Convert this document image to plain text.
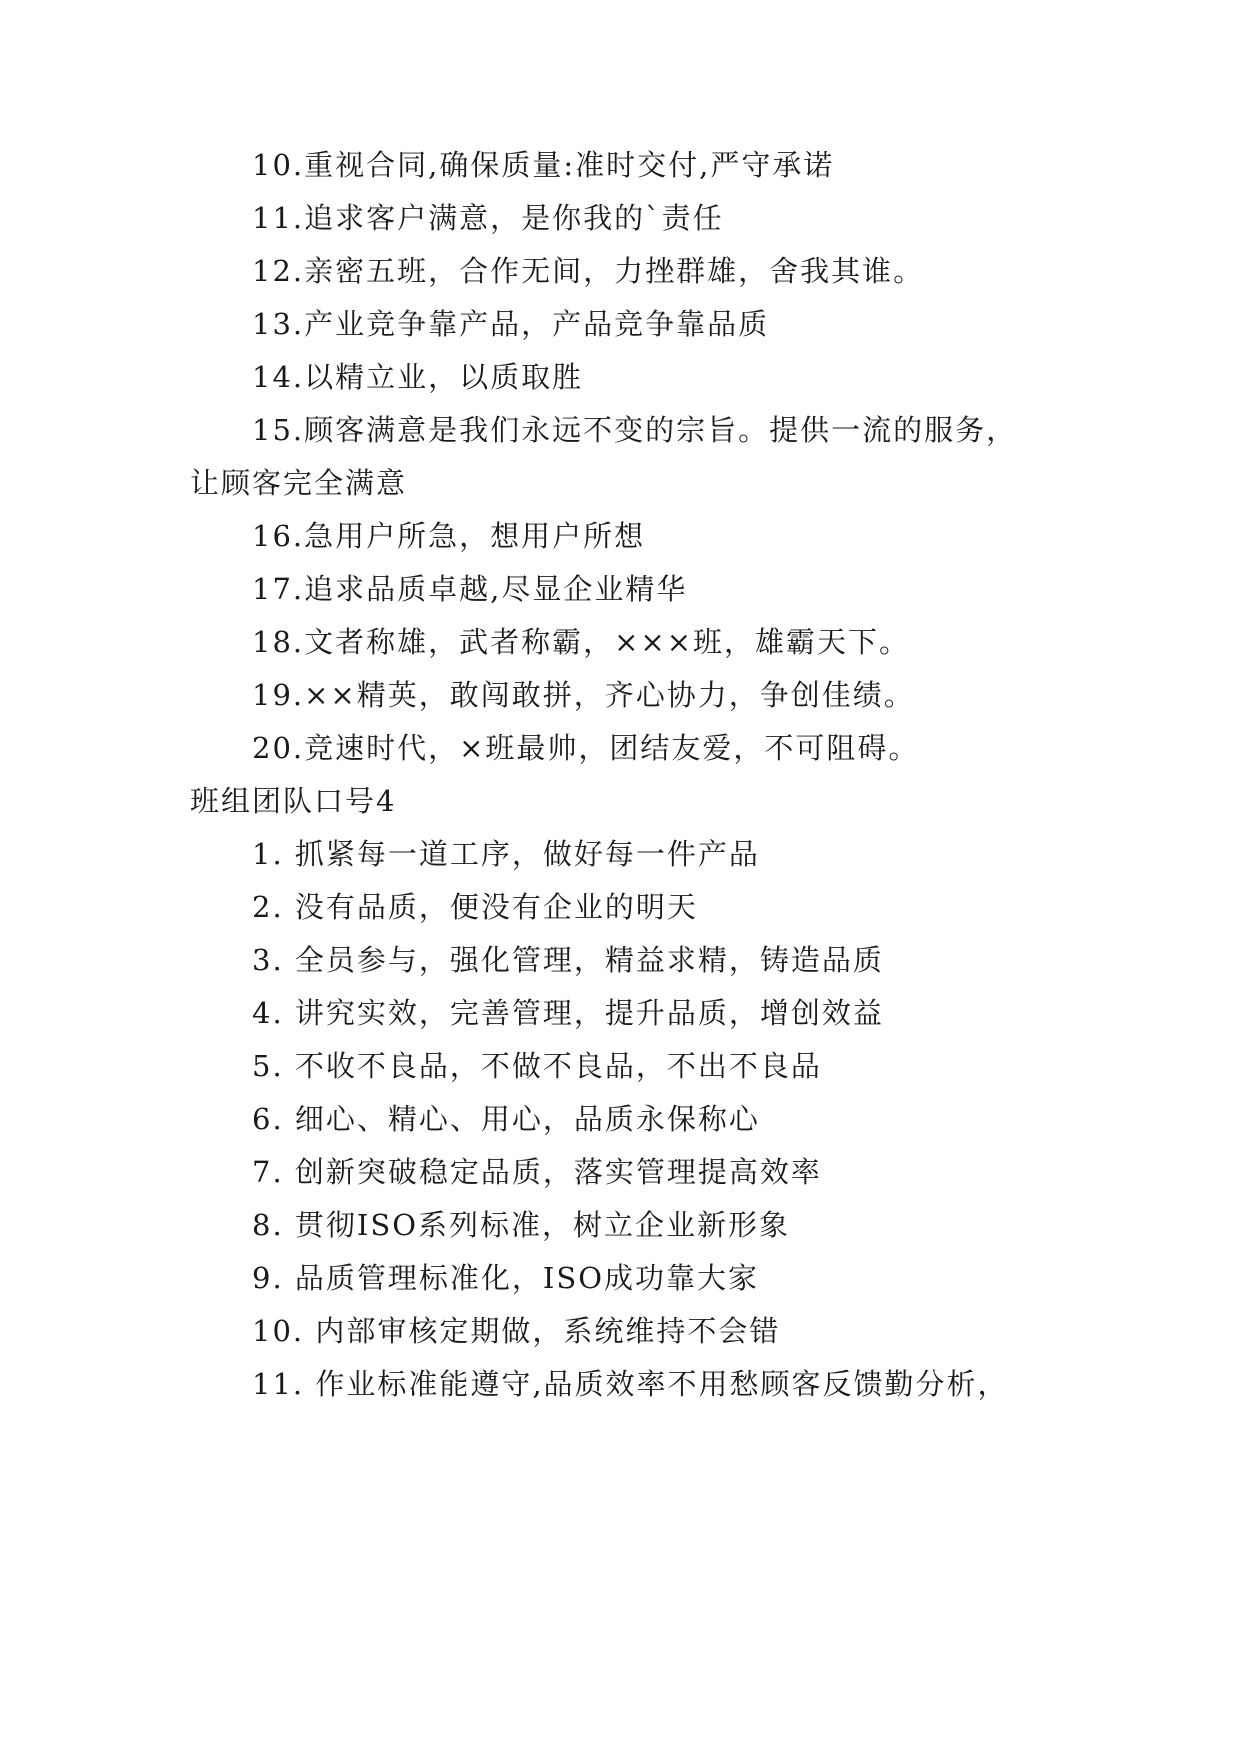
10.重视合同,确保质量:准时交付,严守承诺
11.追求客户满意，是你我的`责任
12.亲密五班，合作无间，力挫群雄，舍我其谁。
13.产业竞争靠产品，产品竞争靠品质
14.以精立业，以质取胜
15.顾客满意是我们永远不变的宗旨。提供一流的服务，
让顾客完全满意
16.急用户所急，想用户所想
17.追求品质卓越,尽显企业精华
18.文者称雄，武者称霸，×××班，雄霸天下。
19.××精英，敢闯敢拼，齐心协力，争创佳绩。
20.竞速时代，×班最帅，团结友爱，不可阻碍。
班组团队口号4
1. 抓紧每一道工序，做好每一件产品
2. 没有品质，便没有企业的明天
3. 全员参与，强化管理，精益求精，铸造品质
4. 讲究实效，完善管理，提升品质，增创效益
5. 不收不良品，不做不良品，不出不良品
6. 细心、精心、用心，品质永保称心
7. 创新突破稳定品质，落实管理提高效率
8. 贯彻ISO系列标准，树立企业新形象
9. 品质管理标准化，ISO成功靠大家
10. 内部审核定期做，系统维持不会错
11. 作业标准能遵守,品质效率不用愁顾客反馈勤分析，
